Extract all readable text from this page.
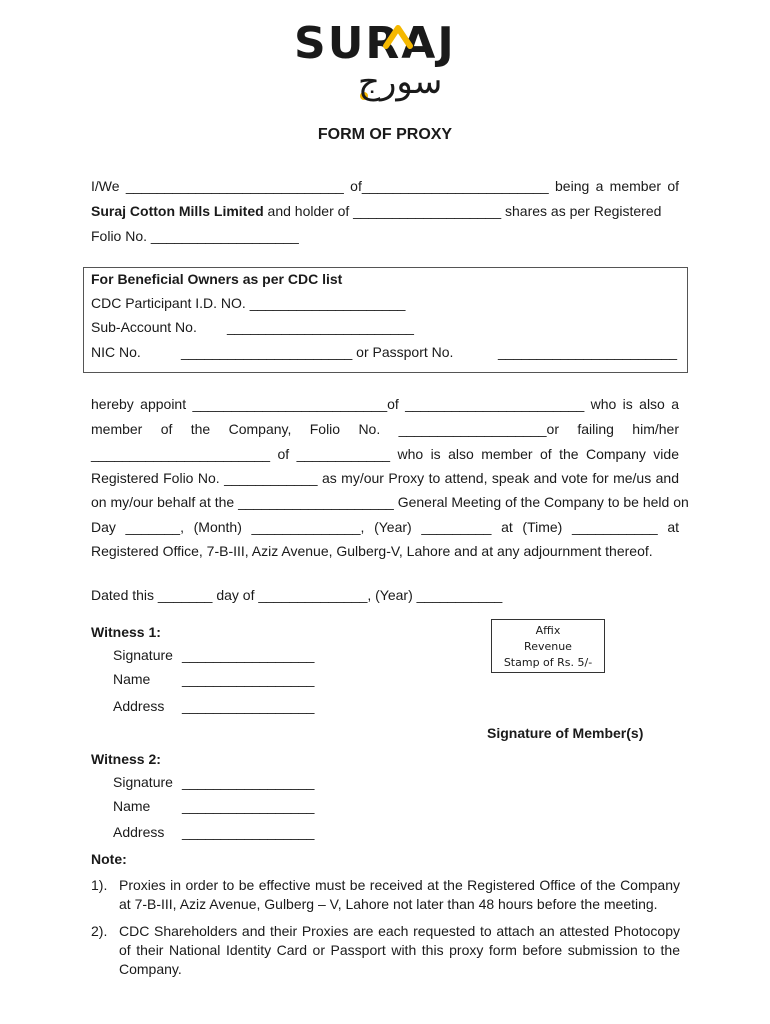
SURAJ
سورج
FORM OF PROXY
I/We ____________________________ of________________________ being a member of
Suraj Cotton Mills Limited and holder of ___________________ shares as per Registered
Folio No. ___________________
For Beneficial Owners as per CDC list
CDC Participant I.D. NO. ____________________
Sub-Account No. ________________________
NIC No.	______________________ or Passport No.	_______________________
hereby appoint _________________________of _______________________ who is also a
member of the Company, Folio No. ___________________or failing him/her
_______________________ of ____________ who is also member of the Company vide
Registered Folio No. ____________ as my/our Proxy to attend, speak and vote for me/us and
on my/our behalf at the ____________________ General Meeting of the Company to be held on
Day _______, (Month) ______________, (Year) _________ at (Time) ___________ at
Registered Office, 7-B-III, Aziz Avenue, Gulberg-V, Lahore and at any adjournment thereof.
Dated this _______ day of ______________, (Year) ___________
Witness 1:
Signature _________________
Name _________________
Address _________________
Affix
Revenue
Stamp of Rs. 5/-
Signature of Member(s)
Witness 2:
Signature _________________
Name _________________
Address _________________
Note:
1). Proxies in order to be effective must be received at the Registered Office of the Company at 7-B-III, Aziz Avenue, Gulberg – V, Lahore not later than 48 hours before the meeting.
2). CDC Shareholders and their Proxies are each requested to attach an attested Photocopy of their National Identity Card or Passport with this proxy form before submission to the Company.
